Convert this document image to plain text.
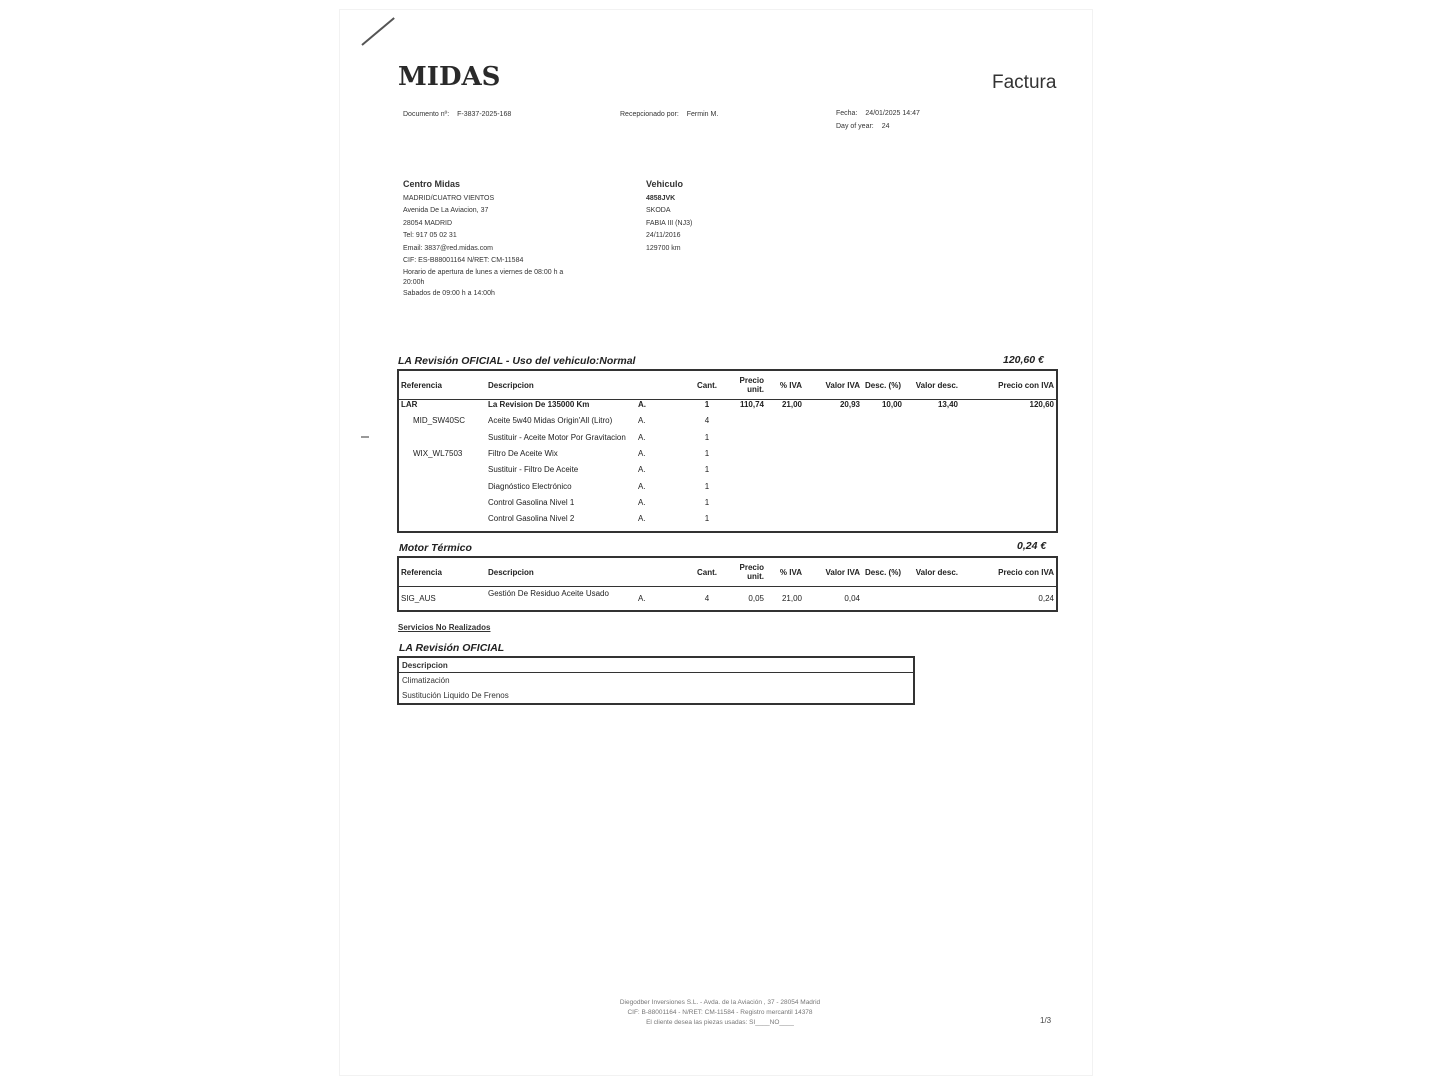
MIDAS	Factura
Documento nº: F-3837-2025-168	Recepcionado por: Fermin M.	Fecha: 24/01/2025 14:47
Day of year: 24
Centro Midas
MADRID/CUATRO VIENTOS
Avenida De La Aviacion, 37
28054 MADRID
Tel: 917 05 02 31
Email: 3837@red.midas.com
CIF: ES-B88001164 N/RET: CM-11584
Horario de apertura de lunes a viernes de 08:00 h a 20:00h
Sabados de 09:00 h a 14:00h
Vehiculo
4858JVK
SKODA
FABIA III (NJ3)
24/11/2016
129700 km
LA Revisión OFICIAL - Uso del vehiculo:Normal	120,60 €
Referencia	Descripcion		Cant.	Precio unit.	% IVA	Valor IVA	Desc. (%)	Valor desc.	Precio con IVA
LAR	La Revision De 135000 Km	A.	1	110,74	21,00	20,93	10,00	13,40	120,60
MID_SW40SC	Aceite 5w40 Midas Origin'All (Litro)	A.	4						
	Sustituir - Aceite Motor Por Gravitacion	A.	1						
WIX_WL7503	Filtro De Aceite Wix	A.	1						
	Sustituir - Filtro De Aceite	A.	1						
	Diagnóstico Electrónico	A.	1						
	Control Gasolina Nivel 1	A.	1						
	Control Gasolina Nivel 2	A.	1						
Motor Térmico	0,24 €
Referencia	Descripcion		Cant.	Precio unit.	% IVA	Valor IVA	Desc. (%)	Valor desc.	Precio con IVA
SIG_AUS	Gestión De Residuo Aceite Usado	A.	4	0,05	21,00	0,04			0,24
Servicios No Realizados
LA Revisión OFICIAL
Descripcion
Climatización
Sustitución Liquido De Frenos
Diegodber Inversiones S.L. - Avda. de la Aviación , 37 - 28054 Madrid
CIF: B-88001164 - N/RET: CM-11584 - Registro mercantil 14378
El cliente desea las piezas usadas: SI____NO____	1/3
